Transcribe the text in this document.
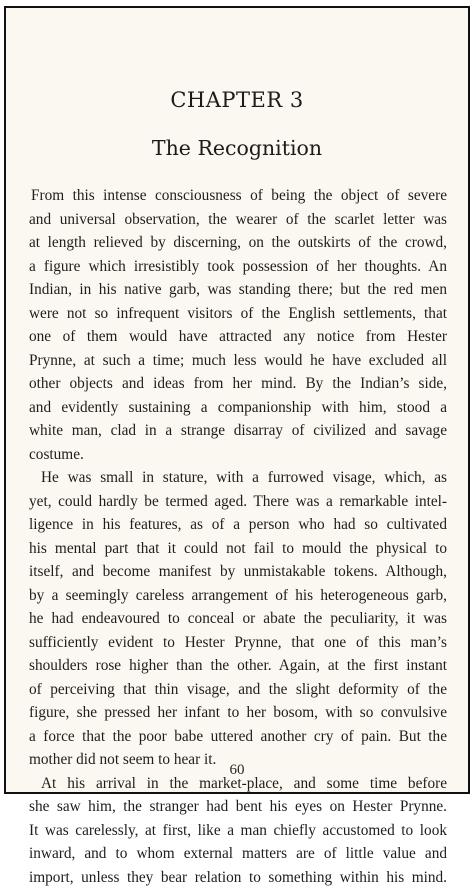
CHAPTER 3
The Recognition
From this intense consciousness of being the object of severe
and universal observation, the wearer of the scarlet letter was
at length relieved by discerning, on the outskirts of the crowd,
a figure which irresistibly took possession of her thoughts. An
Indian, in his native garb, was standing there; but the red men
were not so infrequent visitors of the English settlements, that
one of them would have attracted any notice from Hester
Prynne, at such a time; much less would he have excluded all
other objects and ideas from her mind. By the Indian’s side,
and evidently sustaining a companionship with him, stood a
white man, clad in a strange disarray of civilized and savage
costume.
He was small in stature, with a furrowed visage, which, as
yet, could hardly be termed aged. There was a remarkable intel-
ligence in his features, as of a person who had so cultivated
his mental part that it could not fail to mould the physical to
itself, and become manifest by unmistakable tokens. Although,
by a seemingly careless arrangement of his heterogeneous garb,
he had endeavoured to conceal or abate the peculiarity, it was
sufficiently evident to Hester Prynne, that one of this man’s
shoulders rose higher than the other. Again, at the first instant
of perceiving that thin visage, and the slight deformity of the
figure, she pressed her infant to her bosom, with so convulsive
a force that the poor babe uttered another cry of pain. But the
mother did not seem to hear it.
At his arrival in the market-place, and some time before
she saw him, the stranger had bent his eyes on Hester Prynne.
It was carelessly, at first, like a man chiefly accustomed to look
inward, and to whom external matters are of little value and
import, unless they bear relation to something within his mind.
60
